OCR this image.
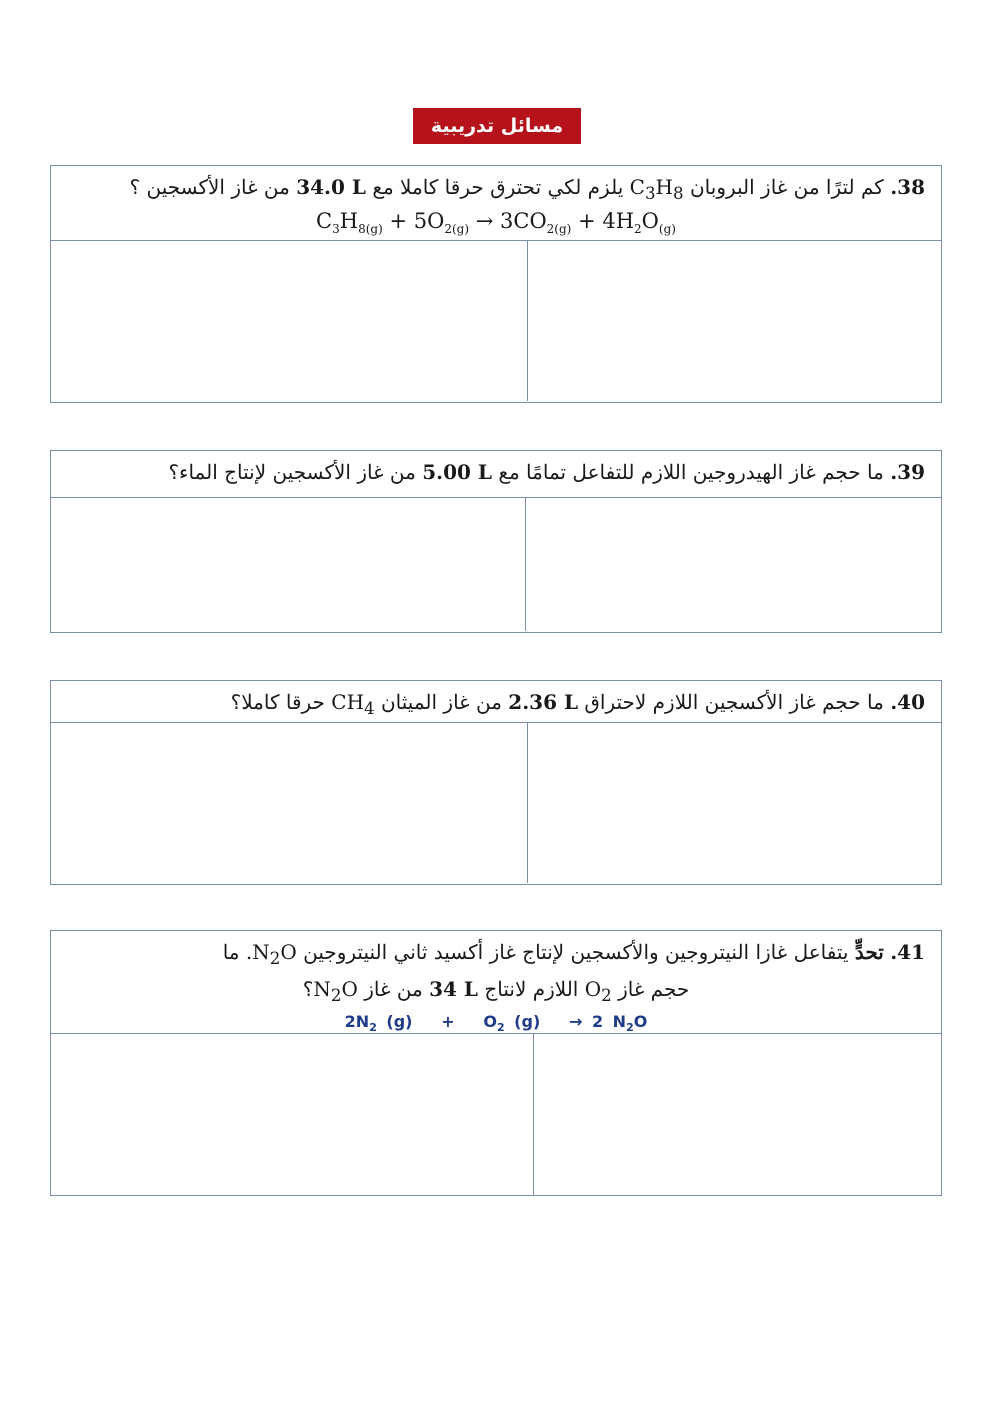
مسائل تدريبية
38. كم لترًا من غاز البروبان $C_3H_8$ يلزم لكي تحترق حرقا كاملا مع 34.0 L من غاز الأكسجين ؟
$C_3H_{8(g)} + 5O_{2(g)} \to 3CO_{2(g)} + 4H_2O_{(g)}$
39. ما حجم غاز الهيدروجين اللازم للتفاعل تمامًا مع 5.00 L من غاز الأكسجين لإنتاج الماء؟
40. ما حجم غاز الأكسجين اللازم لاحتراق 2.36 L من غاز الميثان $CH_4$ حرقا كاملا؟
41. تحدٍّ يتفاعل غازا النيتروجين والأكسجين لإنتاج غاز أكسيد ثاني النيتروجين $N_2O$. ما
حجم غاز $O_2$ اللازم لانتاج 34 L من غاز $N_2O؟$
$2N_2$ $(g) + O_2$ (g) → 2 $N_2O$
